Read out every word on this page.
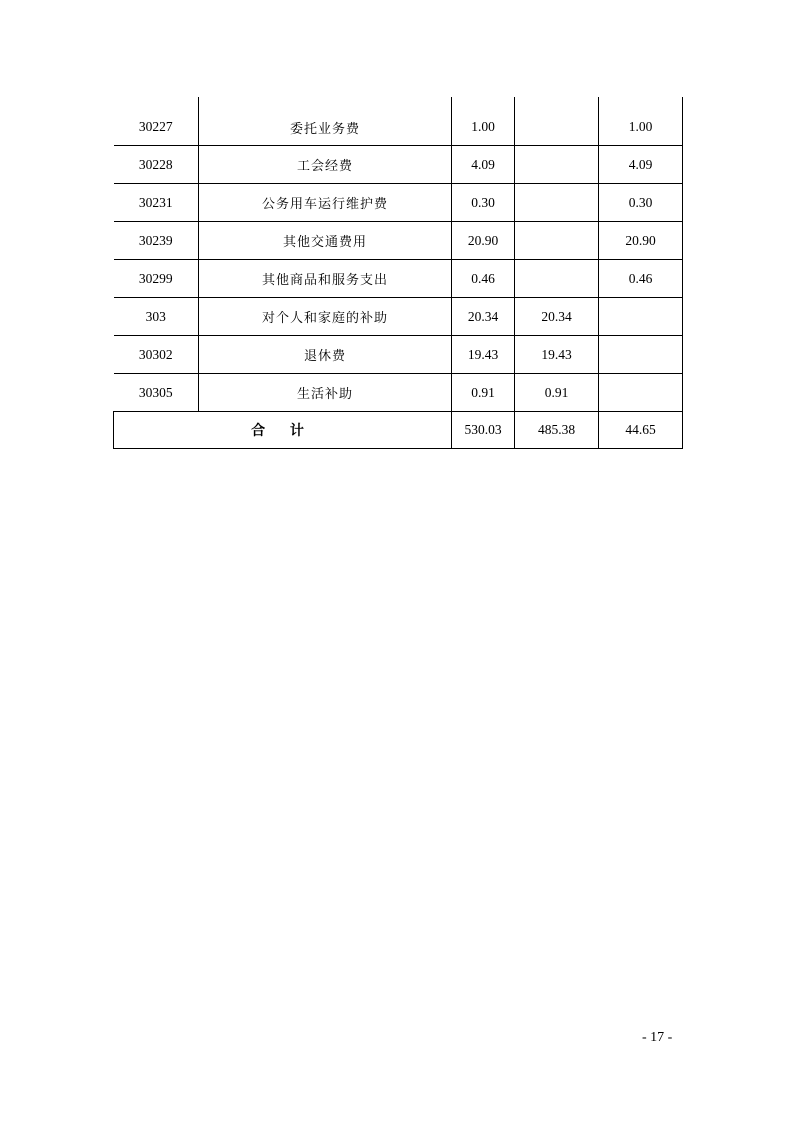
30227	委托业务费	1.00		1.00
30228	工会经费	4.09		4.09
30231	公务用车运行维护费	0.30		0.30
30239	其他交通费用	20.90		20.90
30299	其他商品和服务支出	0.46		0.46
303	对个人和家庭的补助	20.34	20.34	
30302	退休费	19.43	19.43	
30305	生活补助	0.91	0.91	
合 计		530.03	485.38	44.65
- 17 -
